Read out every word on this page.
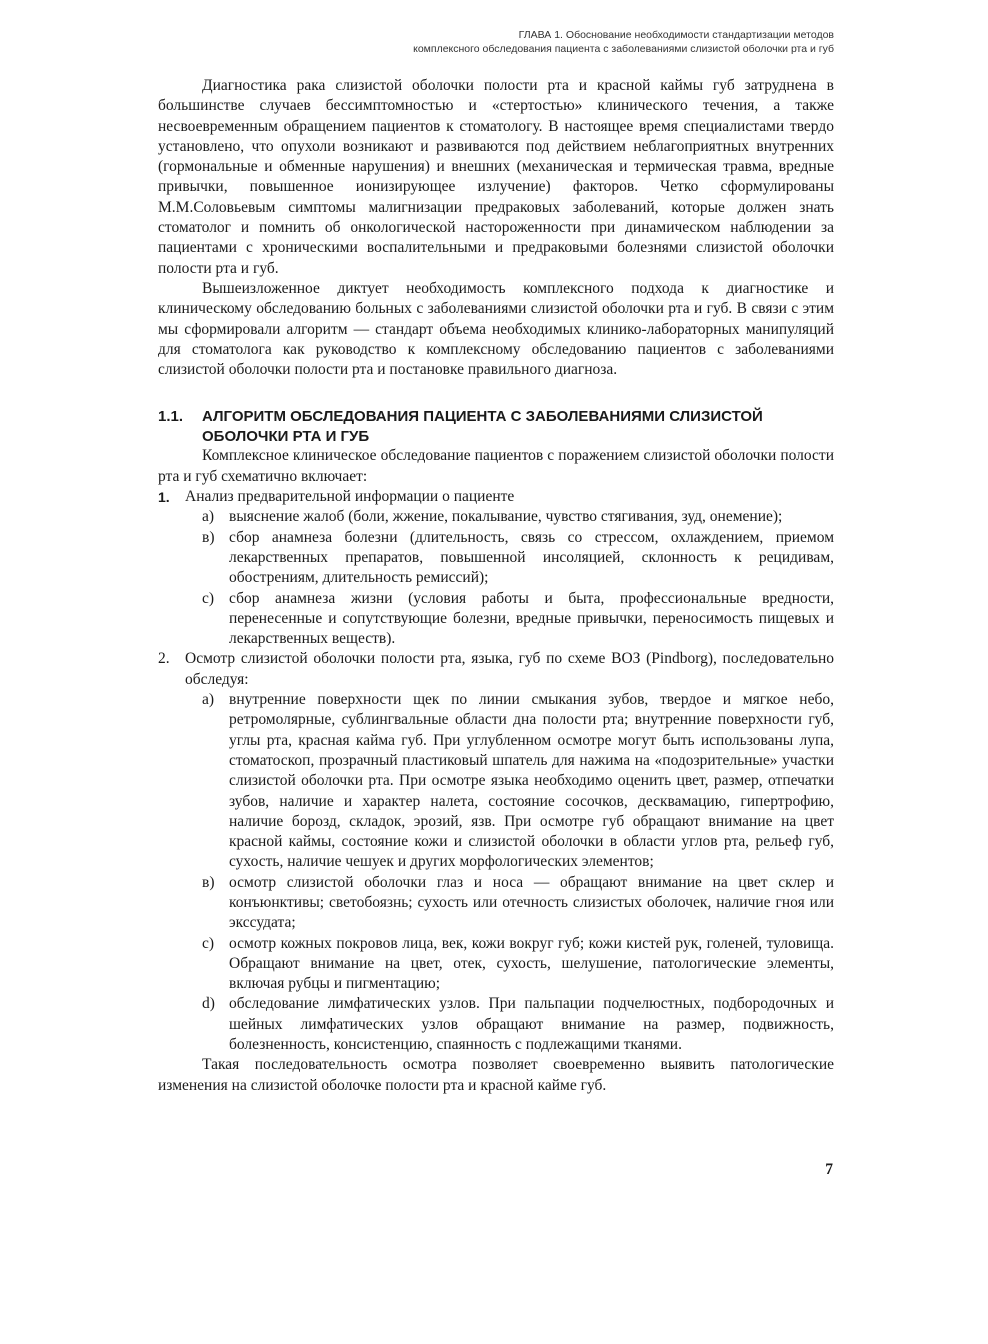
ГЛАВА 1. Обоснование необходимости стандартизации методов
комплексного обследования пациента с заболеваниями слизистой оболочки рта и губ

Диагностика рака слизистой оболочки полости рта и красной каймы губ затруднена в большинстве случаев бессимптомностью и «стертостью» клинического течения, а также несвоевременным обращением пациентов к стоматологу. В настоящее время специалистами твердо установлено, что опухоли возникают и развиваются под действием неблагоприятных внутренних (гормональные и обменные нарушения) и внешних (механическая и термическая травма, вредные привычки, повышенное ионизирующее излучение) факторов. Четко сформулированы М.М.Соловьевым симптомы малигнизации предраковых заболеваний, которые должен знать стоматолог и помнить об онкологической настороженности при динамическом наблюдении за пациентами с хроническими воспалительными и предраковыми болезнями слизистой оболочки полости рта и губ.

Вышеизложенное диктует необходимость комплексного подхода к диагностике и клиническому обследованию больных с заболеваниями слизистой оболочки рта и губ. В связи с этим мы сформировали алгоритм — стандарт объема необходимых клинико-лабораторных манипуляций для стоматолога как руководство к комплексному обследованию пациентов с заболеваниями слизистой оболочки полости рта и постановке правильного диагноза.

1.1.	АЛГОРИТМ ОБСЛЕДОВАНИЯ ПАЦИЕНТА С ЗАБОЛЕВАНИЯМИ СЛИЗИСТОЙ ОБОЛОЧКИ РТА И ГУБ

Комплексное клиническое обследование пациентов с поражением слизистой оболочки полости рта и губ схематично включает:

1. Анализ предварительной информации о пациенте
a) выяснение жалоб (боли, жжение, покалывание, чувство стягивания, зуд, онемение);
в) сбор анамнеза болезни (длительность, связь со стрессом, охлаждением, приемом лекарственных препаратов, повышенной инсоляцией, склонность к рецидивам, обострениям, длительность ремиссий);
c) сбор анамнеза жизни (условия работы и быта, профессиональные вредности, перенесенные и сопутствующие болезни, вредные привычки, переносимость пищевых и лекарственных веществ).
2. Осмотр слизистой оболочки полости рта, языка, губ по схеме ВОЗ (Pindborg), последовательно обследуя:
a) внутренние поверхности щек по линии смыкания зубов, твердое и мягкое небо, ретромолярные, сублингвальные области дна полости рта; внутренние поверхности губ, углы рта, красная кайма губ. При углубленном осмотре могут быть использованы лупа, стоматоскоп, прозрачный пластиковый шпатель для нажима на «подозрительные» участки слизистой оболочки рта. При осмотре языка необходимо оценить цвет, размер, отпечатки зубов, наличие и характер налета, состояние сосочков, десквамацию, гипертрофию, наличие борозд, складок, эрозий, язв. При осмотре губ обращают внимание на цвет красной каймы, состояние кожи и слизистой оболочки в области углов рта, рельеф губ, сухость, наличие чешуек и других морфологических элементов;
в) осмотр слизистой оболочки глаз и носа — обращают внимание на цвет склер и конъюнктивы; светобоязнь; сухость или отечность слизистых оболочек, наличие гноя или экссудата;
c) осмотр кожных покровов лица, век, кожи вокруг губ; кожи кистей рук, голеней, туловища. Обращают внимание на цвет, отек, сухость, шелушение, патологические элементы, включая рубцы и пигментацию;
d) обследование лимфатических узлов. При пальпации подчелюстных, подбородочных и шейных лимфатических узлов обращают внимание на размер, подвижность, болезненность, консистенцию, спаянность с подлежащими тканями.

Такая последовательность осмотра позволяет своевременно выявить патологические изменения на слизистой оболочке полости рта и красной кайме губ.

7
